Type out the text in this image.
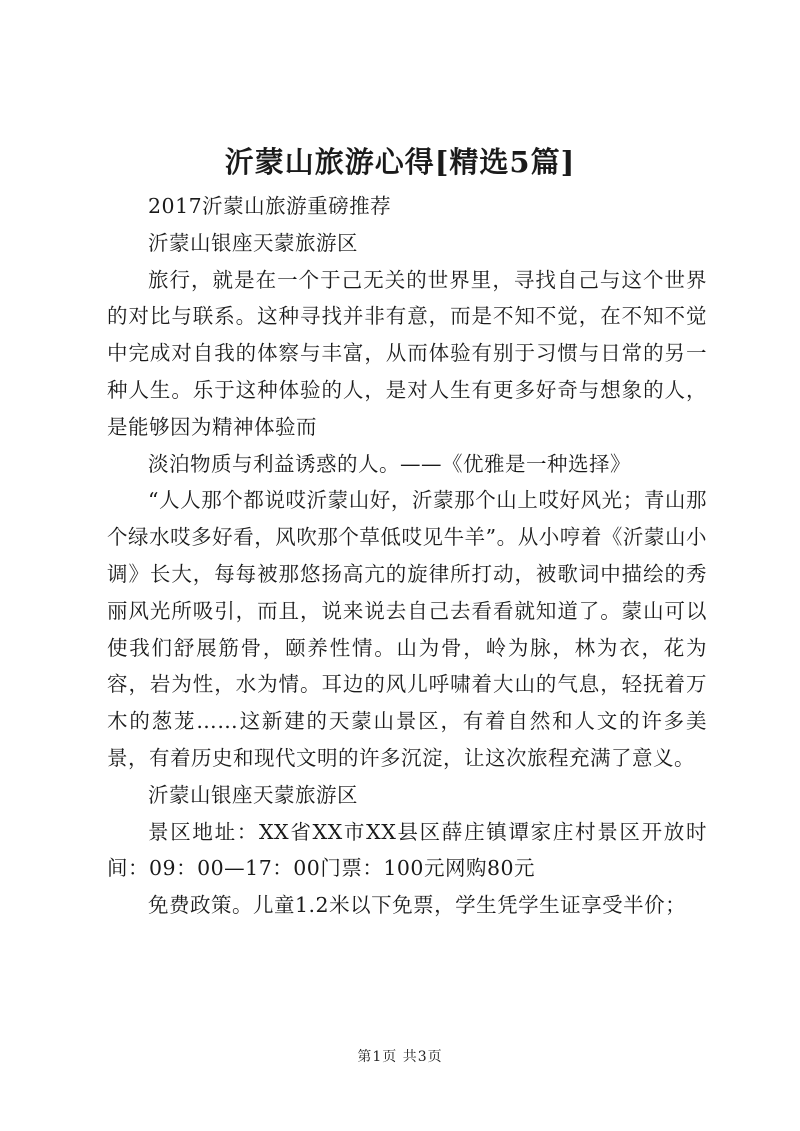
沂蒙山旅游心得[精选5篇]

2017沂蒙山旅游重磅推荐

沂蒙山银座天蒙旅游区

旅行，就是在一个于己无关的世界里，寻找自己与这个世界的对比与联系。这种寻找并非有意，而是不知不觉，在不知不觉中完成对自我的体察与丰富，从而体验有别于习惯与日常的另一种人生。乐于这种体验的人，是对人生有更多好奇与想象的人，是能够因为精神体验而

淡泊物质与利益诱惑的人。——《优雅是一种选择》

“人人那个都说哎沂蒙山好，沂蒙那个山上哎好风光；青山那个绿水哎多好看，风吹那个草低哎见牛羊”。从小哼着《沂蒙山小调》长大，每每被那悠扬高亢的旋律所打动，被歌词中描绘的秀丽风光所吸引，而且，说来说去自己去看看就知道了。蒙山可以使我们舒展筋骨，颐养性情。山为骨，岭为脉，林为衣，花为容，岩为性，水为情。耳边的风儿呼啸着大山的气息，轻抚着万木的葱茏……这新建的天蒙山景区，有着自然和人文的许多美景，有着历史和现代文明的许多沉淀，让这次旅程充满了意义。

沂蒙山银座天蒙旅游区

景区地址：XX省XX市XX县区薛庄镇谭家庄村景区开放时间：09：00—17：00门票：100元网购80元

免费政策。儿童1.2米以下免票，学生凭学生证享受半价；

第1页 共3页
